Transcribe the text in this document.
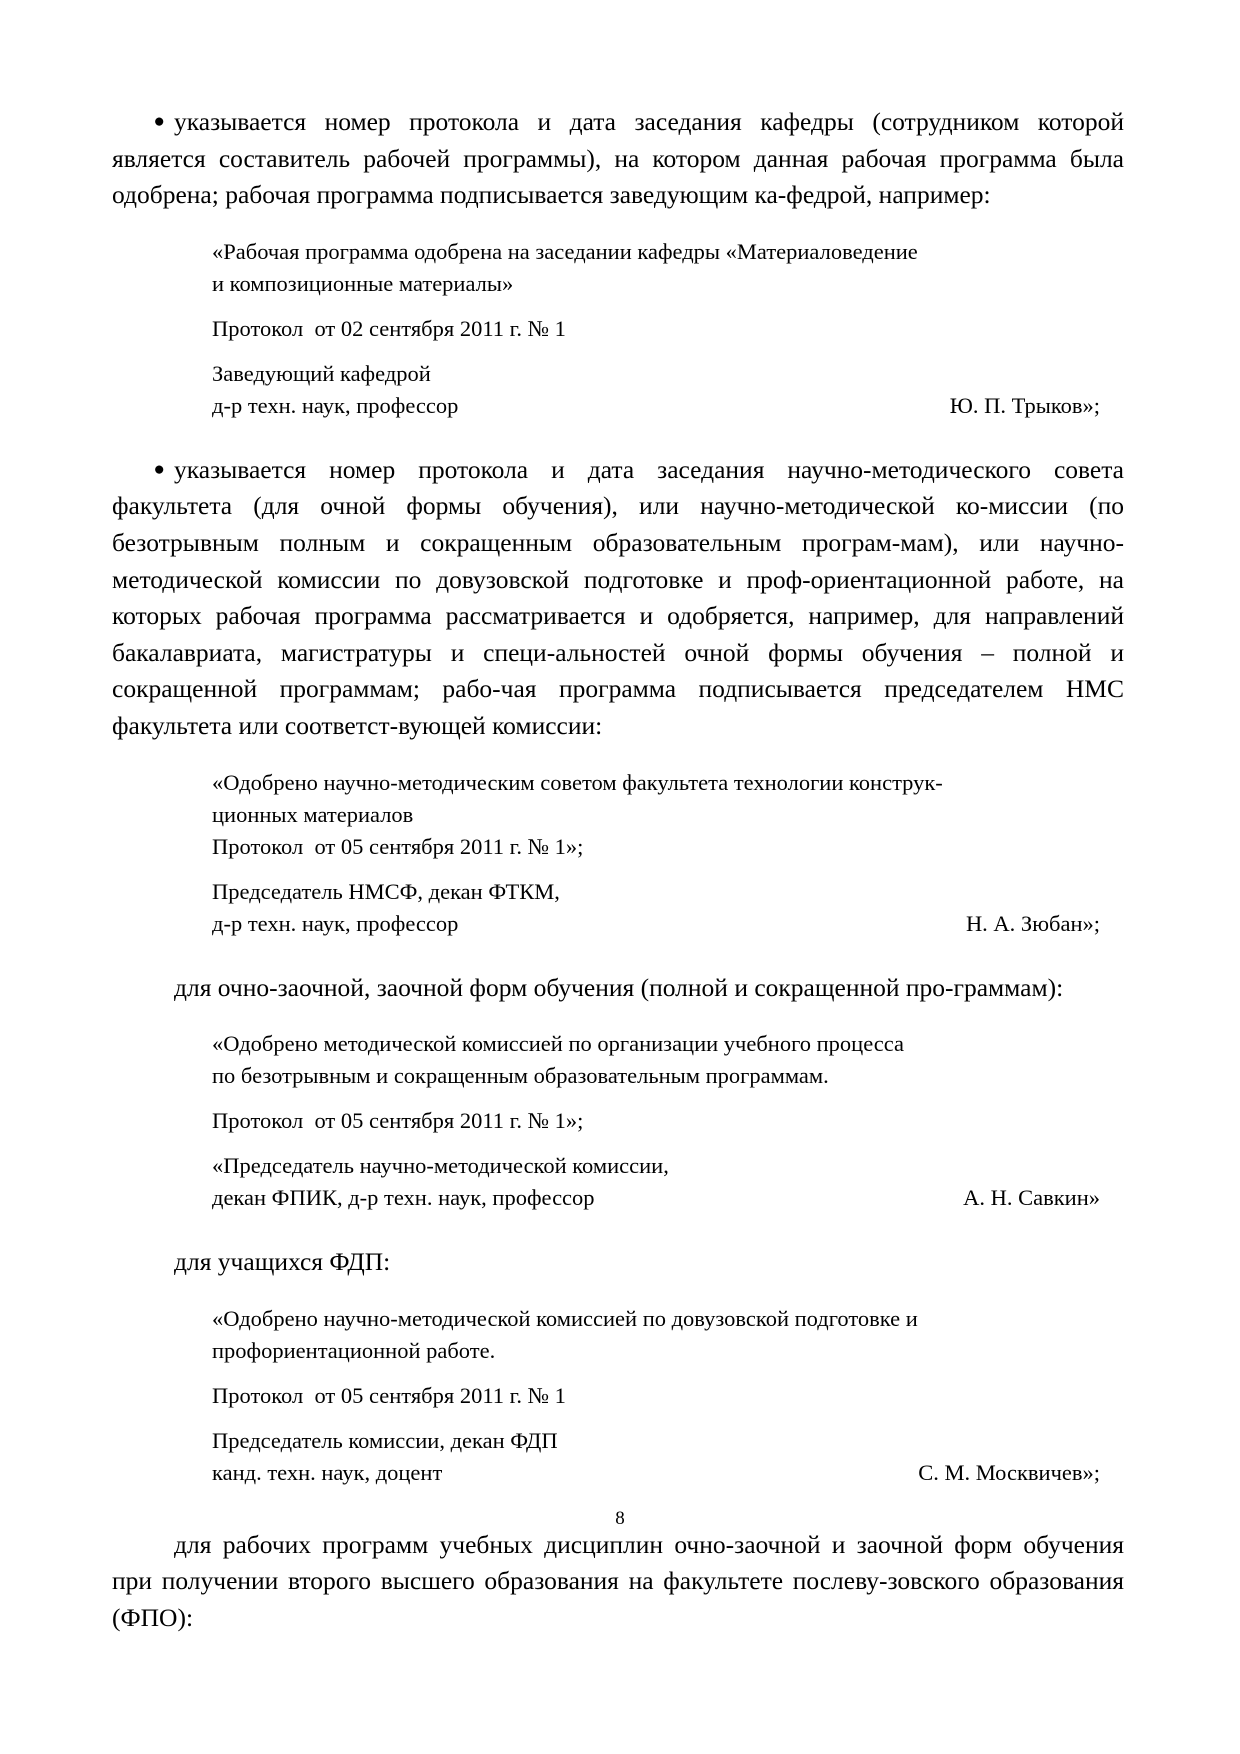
● указывается номер протокола и дата заседания кафедры (сотрудником которой является составитель рабочей программы), на котором данная рабочая программа была одобрена; рабочая программа подписывается заведующим ка-федрой, например:

«Рабочая программа одобрена на заседании кафедры «Материаловедение
и композиционные материалы»
Протокол  от 02 сентября 2011 г. № 1
Заведующий кафедрой
д-р техн. наук, профессор	Ю. П. Трыков»;

● указывается номер протокола и дата заседания научно-методического совета факультета (для очной формы обучения), или научно-методической ко-миссии (по безотрывным полным и сокращенным образовательным програм-мам), или научно-методической комиссии по довузовской подготовке и проф-ориентационной работе, на которых рабочая программа рассматривается и одобряется, например, для направлений бакалавриата, магистратуры и специ-альностей очной формы обучения – полной и сокращенной программам; рабо-чая программа подписывается председателем НМС факультета или соответст-вующей комиссии:

«Одобрено научно-методическим советом факультета технологии конструк-
ционных материалов
Протокол  от 05 сентября 2011 г. № 1»;
Председатель НМСФ, декан ФТКМ,
д-р техн. наук, профессор	Н. А. Зюбан»;

для очно-заочной, заочной форм обучения (полной и сокращенной про-граммам):

«Одобрено методической комиссией по организации учебного процесса
по безотрывным и сокращенным образовательным программам.
Протокол  от 05 сентября 2011 г. № 1»;
«Председатель научно-методической комиссии,
декан ФПИК, д-р техн. наук, профессор	А. Н. Савкин»

для учащихся ФДП:

«Одобрено научно-методической комиссией по довузовской подготовке и
профориентационной работе.
Протокол  от 05 сентября 2011 г. № 1
Председатель комиссии, декан ФДП
канд. техн. наук, доцент	С. М. Москвичев»;

для рабочих программ учебных дисциплин очно-заочной и заочной форм обучения при получении второго высшего образования на факультете послеву-зовского образования (ФПО):

8
